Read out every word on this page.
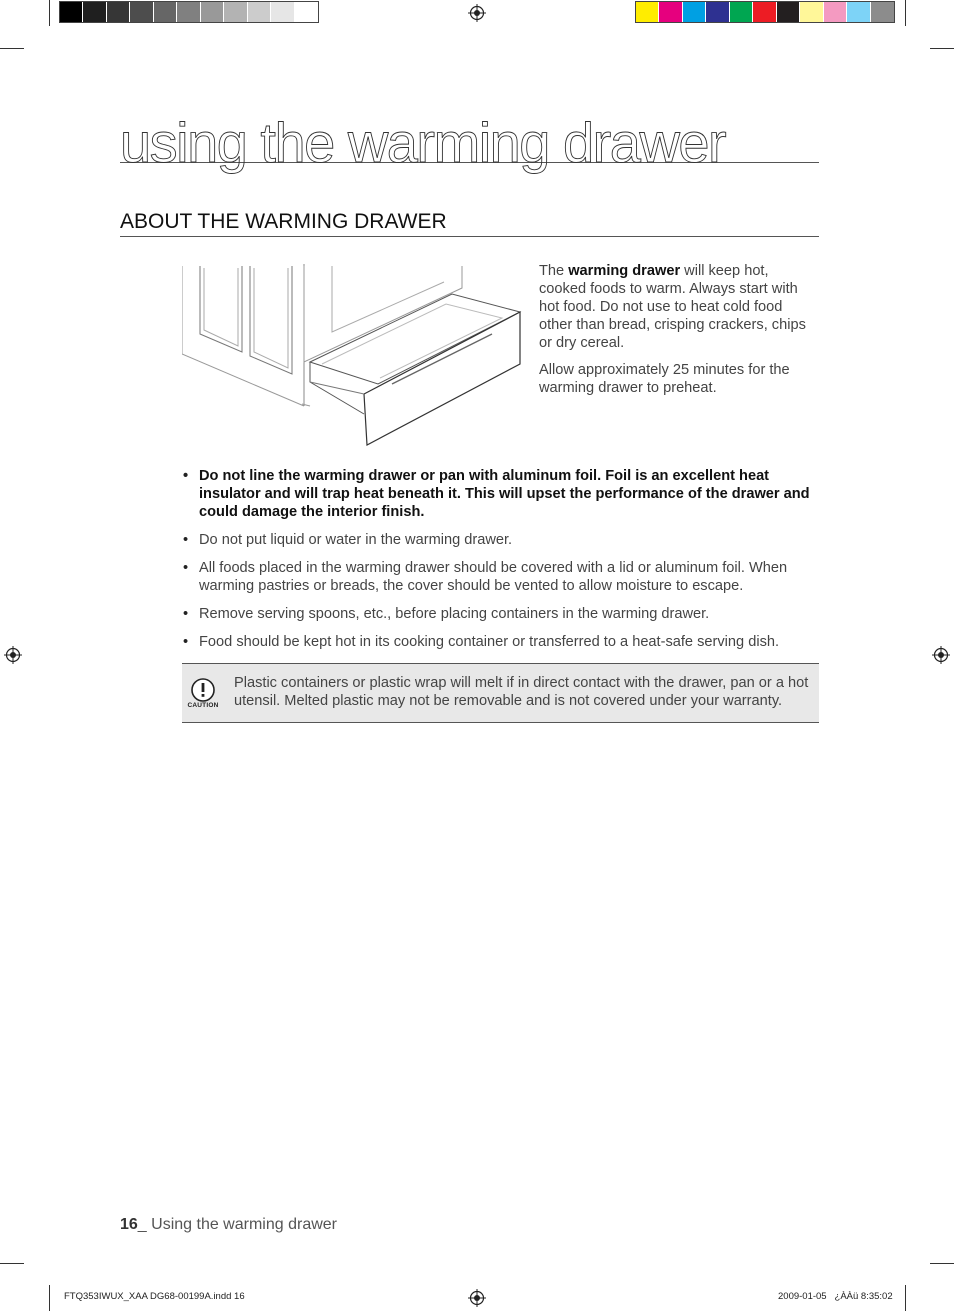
using the warming drawer
ABOUT THE WARMING DRAWER

The warming drawer will keep hot, cooked foods to warm. Always start with hot food. Do not use to heat cold food other than bread, crisping crackers, chips or dry cereal.

Allow approximately 25 minutes for the warming drawer to preheat.

• Do not line the warming drawer or pan with aluminum foil. Foil is an excellent heat insulator and will trap heat beneath it. This will upset the performance of the drawer and could damage the interior finish.
• Do not put liquid or water in the warming drawer.
• All foods placed in the warming drawer should be covered with a lid or aluminum foil. When warming pastries or breads, the cover should be vented to allow moisture to escape.
• Remove serving spoons, etc., before placing containers in the warming drawer.
• Food should be kept hot in its cooking container or transferred to a heat-safe serving dish.
CAUTION
Plastic containers or plastic wrap will melt if in direct contact with the drawer, pan or a hot utensil. Melted plastic may not be removable and is not covered under your warranty.
16_ Using the warming drawer
FTQ353IWUX_XAA DG68-00199A.indd 16	2009-01-05   ¿ÀÀü 8:35:02
